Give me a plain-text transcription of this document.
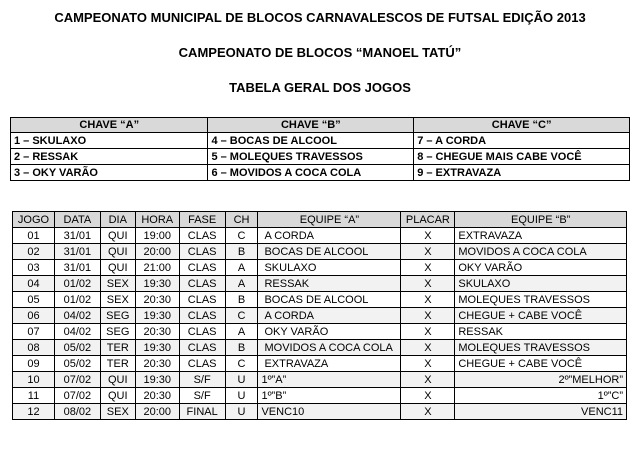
CAMPEONATO MUNICIPAL DE BLOCOS CARNAVALESCOS DE FUTSAL EDIÇÃO 2013
CAMPEONATO DE BLOCOS “MANOEL TATÚ”
TABELA GERAL DOS JOGOS
CHAVE “A”	CHAVE “B”	CHAVE “C”
1 – SKULAXO	4 – BOCAS DE ALCOOL	7 – A CORDA
2 – RESSAK	5 – MOLEQUES TRAVESSOS	8 – CHEGUE MAIS CABE VOCÊ
3 – OKY VARÃO	6 – MOVIDOS A COCA COLA	9 – EXTRAVAZA
JOGO	DATA	DIA	HORA	FASE	CH	EQUIPE “A”	PLACAR	EQUIPE “B”
01	31/01	QUI	19:00	CLAS	C	A CORDA	X	EXTRAVAZA
02	31/01	QUI	20:00	CLAS	B	BOCAS DE ALCOOL	X	MOVIDOS A COCA COLA
03	31/01	QUI	21:00	CLAS	A	SKULAXO	X	OKY VARÃO
04	01/02	SEX	19:30	CLAS	A	RESSAK	X	SKULAXO
05	01/02	SEX	20:30	CLAS	B	BOCAS DE ALCOOL	X	MOLEQUES TRAVESSOS
06	04/02	SEG	19:30	CLAS	C	A CORDA	X	CHEGUE + CABE VOCÊ
07	04/02	SEG	20:30	CLAS	A	OKY VARÃO	X	RESSAK
08	05/02	TER	19:30	CLAS	B	MOVIDOS A COCA COLA	X	MOLEQUES TRAVESSOS
09	05/02	TER	20:30	CLAS	C	EXTRAVAZA	X	CHEGUE + CABE VOCÊ
10	07/02	QUI	19:30	S/F	U	1º”A”	X	2º”MELHOR”
11	07/02	QUI	20:30	S/F	U	1º”B”	X	1º”C”
12	08/02	SEX	20:00	FINAL	U	VENC10	X	VENC11
